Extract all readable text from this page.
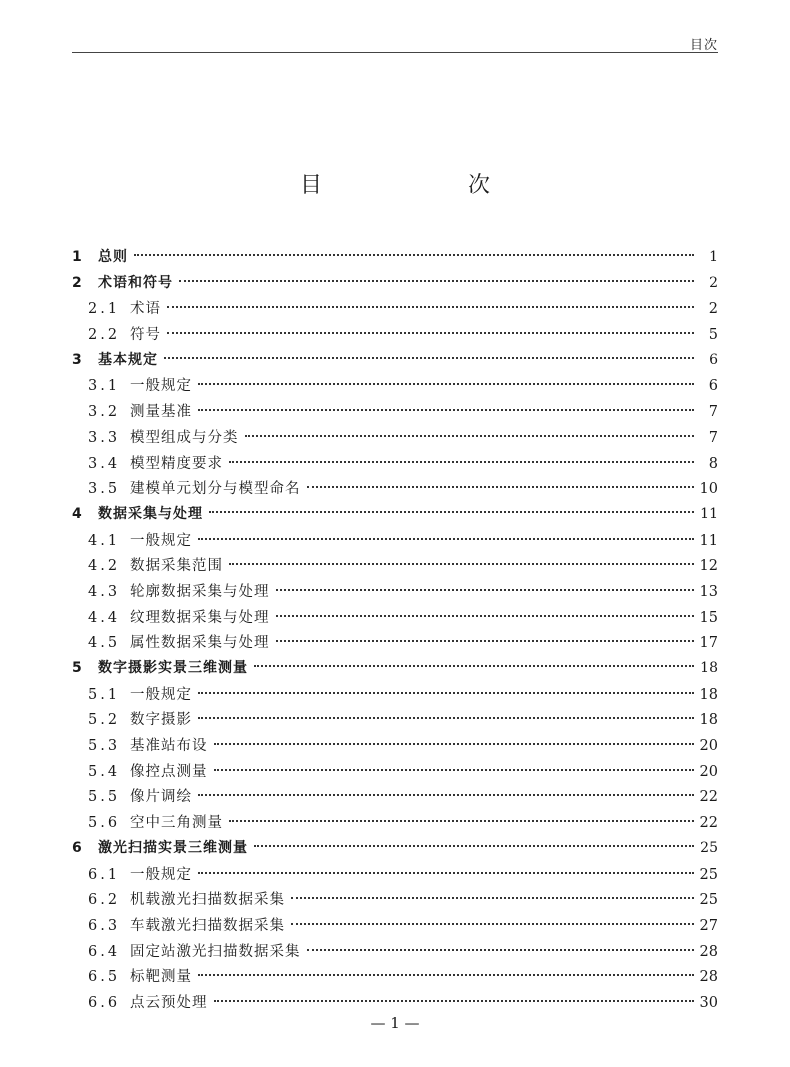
目次
目　　次
1	总则	1
2	术语和符号	2
2.1 术语	2
2.2 符号	5
3	基本规定	6
3.1 一般规定	6
3.2 测量基准	7
3.3 模型组成与分类	7
3.4 模型精度要求	8
3.5 建模单元划分与模型命名	10
4	数据采集与处理	11
4.1 一般规定	11
4.2 数据采集范围	12
4.3 轮廓数据采集与处理	13
4.4 纹理数据采集与处理	15
4.5 属性数据采集与处理	17
5	数字摄影实景三维测量	18
5.1 一般规定	18
5.2 数字摄影	18
5.3 基准站布设	20
5.4 像控点测量	20
5.5 像片调绘	22
5.6 空中三角测量	22
6	激光扫描实景三维测量	25
6.1 一般规定	25
6.2 机载激光扫描数据采集	25
6.3 车载激光扫描数据采集	27
6.4 固定站激光扫描数据采集	28
6.5 标靶测量	28
6.6 点云预处理	30
— 1 —
